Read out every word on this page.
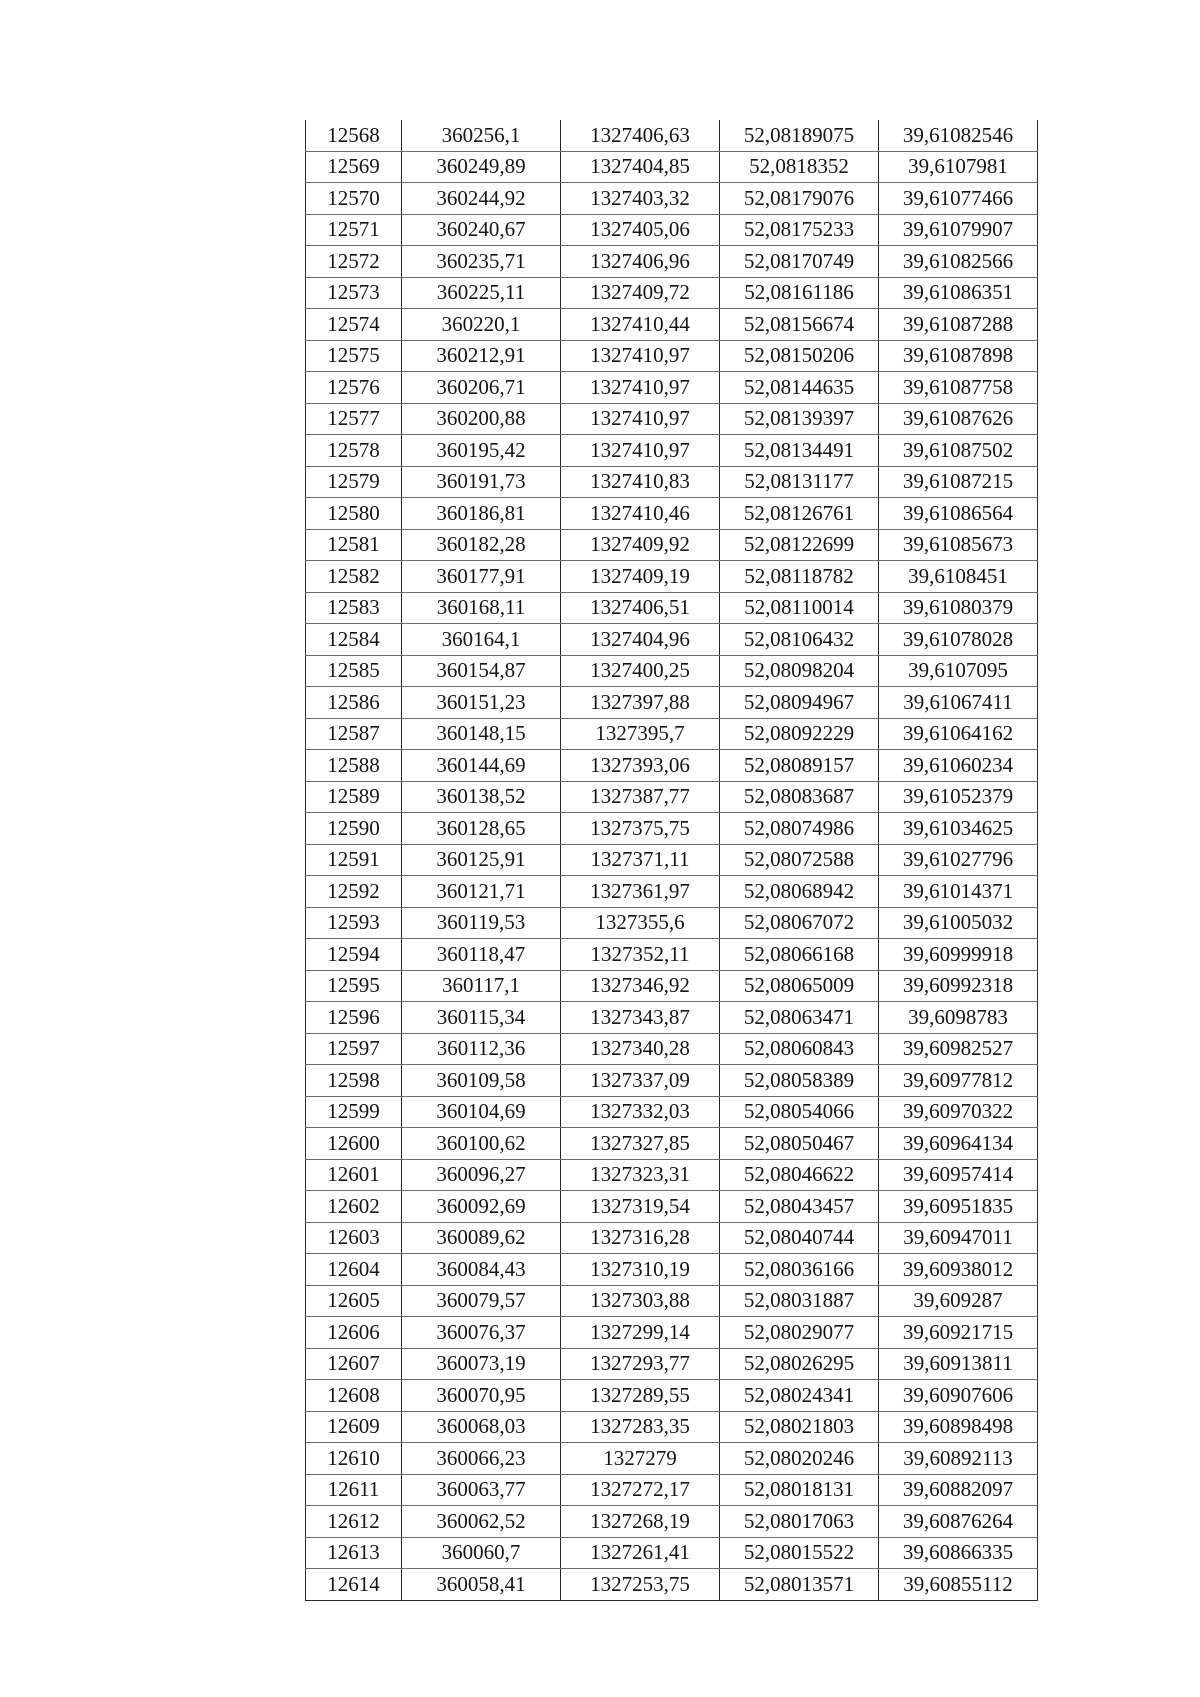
12568	360256,1	1327406,63	52,08189075	39,61082546
12569	360249,89	1327404,85	52,0818352	39,6107981
12570	360244,92	1327403,32	52,08179076	39,61077466
12571	360240,67	1327405,06	52,08175233	39,61079907
12572	360235,71	1327406,96	52,08170749	39,61082566
12573	360225,11	1327409,72	52,08161186	39,61086351
12574	360220,1	1327410,44	52,08156674	39,61087288
12575	360212,91	1327410,97	52,08150206	39,61087898
12576	360206,71	1327410,97	52,08144635	39,61087758
12577	360200,88	1327410,97	52,08139397	39,61087626
12578	360195,42	1327410,97	52,08134491	39,61087502
12579	360191,73	1327410,83	52,08131177	39,61087215
12580	360186,81	1327410,46	52,08126761	39,61086564
12581	360182,28	1327409,92	52,08122699	39,61085673
12582	360177,91	1327409,19	52,08118782	39,6108451
12583	360168,11	1327406,51	52,08110014	39,61080379
12584	360164,1	1327404,96	52,08106432	39,61078028
12585	360154,87	1327400,25	52,08098204	39,6107095
12586	360151,23	1327397,88	52,08094967	39,61067411
12587	360148,15	1327395,7	52,08092229	39,61064162
12588	360144,69	1327393,06	52,08089157	39,61060234
12589	360138,52	1327387,77	52,08083687	39,61052379
12590	360128,65	1327375,75	52,08074986	39,61034625
12591	360125,91	1327371,11	52,08072588	39,61027796
12592	360121,71	1327361,97	52,08068942	39,61014371
12593	360119,53	1327355,6	52,08067072	39,61005032
12594	360118,47	1327352,11	52,08066168	39,60999918
12595	360117,1	1327346,92	52,08065009	39,60992318
12596	360115,34	1327343,87	52,08063471	39,6098783
12597	360112,36	1327340,28	52,08060843	39,60982527
12598	360109,58	1327337,09	52,08058389	39,60977812
12599	360104,69	1327332,03	52,08054066	39,60970322
12600	360100,62	1327327,85	52,08050467	39,60964134
12601	360096,27	1327323,31	52,08046622	39,60957414
12602	360092,69	1327319,54	52,08043457	39,60951835
12603	360089,62	1327316,28	52,08040744	39,60947011
12604	360084,43	1327310,19	52,08036166	39,60938012
12605	360079,57	1327303,88	52,08031887	39,609287
12606	360076,37	1327299,14	52,08029077	39,60921715
12607	360073,19	1327293,77	52,08026295	39,60913811
12608	360070,95	1327289,55	52,08024341	39,60907606
12609	360068,03	1327283,35	52,08021803	39,60898498
12610	360066,23	1327279	52,08020246	39,60892113
12611	360063,77	1327272,17	52,08018131	39,60882097
12612	360062,52	1327268,19	52,08017063	39,60876264
12613	360060,7	1327261,41	52,08015522	39,60866335
12614	360058,41	1327253,75	52,08013571	39,60855112
